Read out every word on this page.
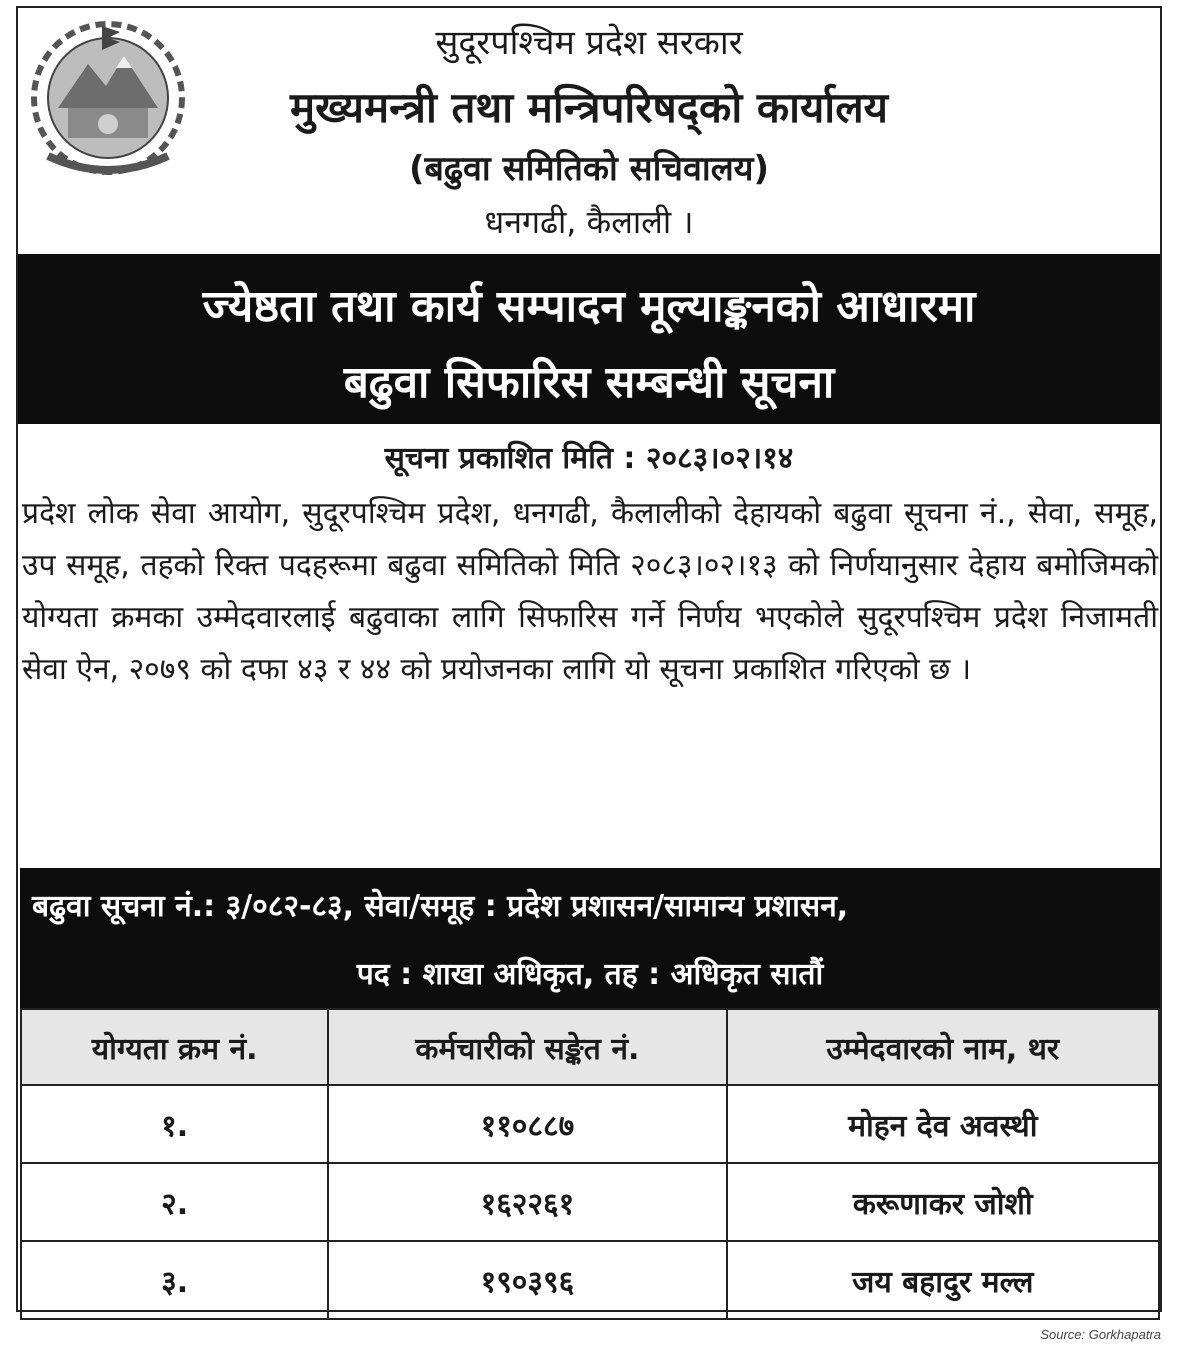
सुदूरपश्चिम प्रदेश सरकार
मुख्यमन्त्री तथा मन्त्रिपरिषद्को कार्यालय
(बढुवा समितिको सचिवालय)
धनगढी, कैलाली ।
ज्येष्ठता तथा कार्य सम्पादन मूल्याङ्कनको आधारमा
बढुवा सिफारिस सम्बन्धी सूचना
सूचना प्रकाशित मिति : २०८३।०२।१४
प्रदेश लोक सेवा आयोग, सुदूरपश्चिम प्रदेश, धनगढी, कैलालीको देहायको बढुवा सूचना नं., सेवा, समूह, उप समूह, तहको रिक्त पदहरूमा बढुवा समितिको मिति २०८३।०२।१३ को निर्णयानुसार देहाय बमोजिमको योग्यता क्रमका उम्मेदवारलाई बढुवाका लागि सिफारिस गर्ने निर्णय भएकोले सुदूरपश्चिम प्रदेश निजामती सेवा ऐन, २०७९ को दफा ४३ र ४४ को प्रयोजनका लागि यो सूचना प्रकाशित गरिएको छ ।
बढुवा सूचना नं.: ३/०८२-८३, सेवा/समूह : प्रदेश प्रशासन/सामान्य प्रशासन,
पद : शाखा अधिकृत, तह : अधिकृत सातौं
योग्यता क्रम नं.	कर्मचारीको सङ्केत नं.	उम्मेदवारको नाम, थर
१.	११०८८७	मोहन देव अवस्थी
२.	१६२२६१	करूणाकर जोशी
३.	१९०३९६	जय बहादुर मल्ल
Source: Gorkhapatra
